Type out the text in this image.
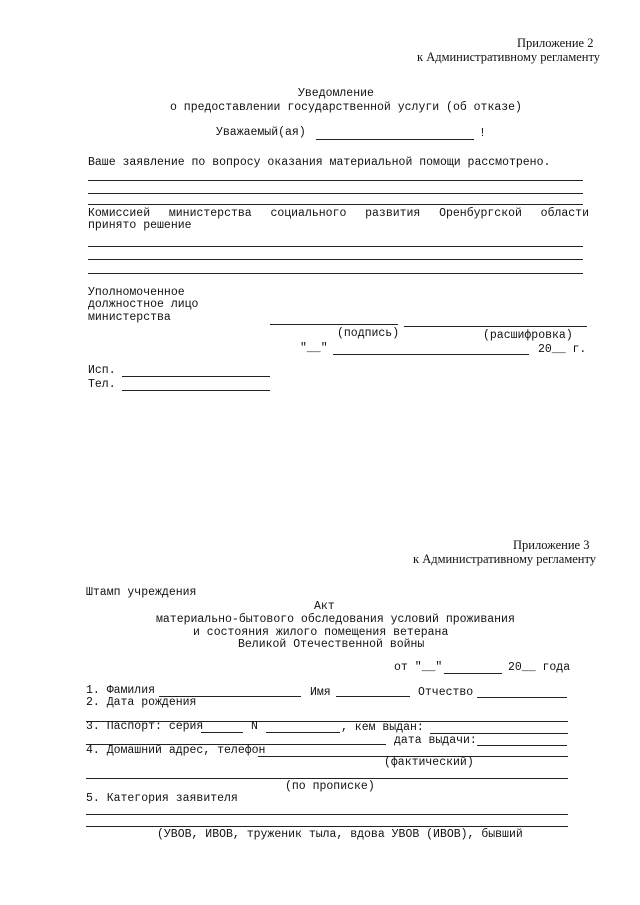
Приложение 2
к Административному регламенту
Уведомление
о предоставлении государственной услуги (об отказе)
Уважаемый(ая)	!
Ваше заявление по вопросу оказания материальной помощи рассмотрено.
Комиссией министерства социального развития Оренбургской области
принято решение
Уполномоченное
должностное лицо
министерства
(подпись)	(расшифровка)
"__"	20__ г.
Исп.
Тел.
Приложение 3
к Административному регламенту
Штамп учреждения
Акт
материально-бытового обследования условий проживания
и состояния жилого помещения ветерана
Великой Отечественной войны
от "__"	20__ года
1. Фамилия	Имя	Отчество
2. Дата рождения
3. Паспорт: серия	N	, кем выдан:
дата выдачи:
4. Домашний адрес, телефон
(фактический)
(по прописке)
5. Категория заявителя
(УВОВ, ИВОВ, труженик тыла, вдова УВОВ (ИВОВ), бывший
